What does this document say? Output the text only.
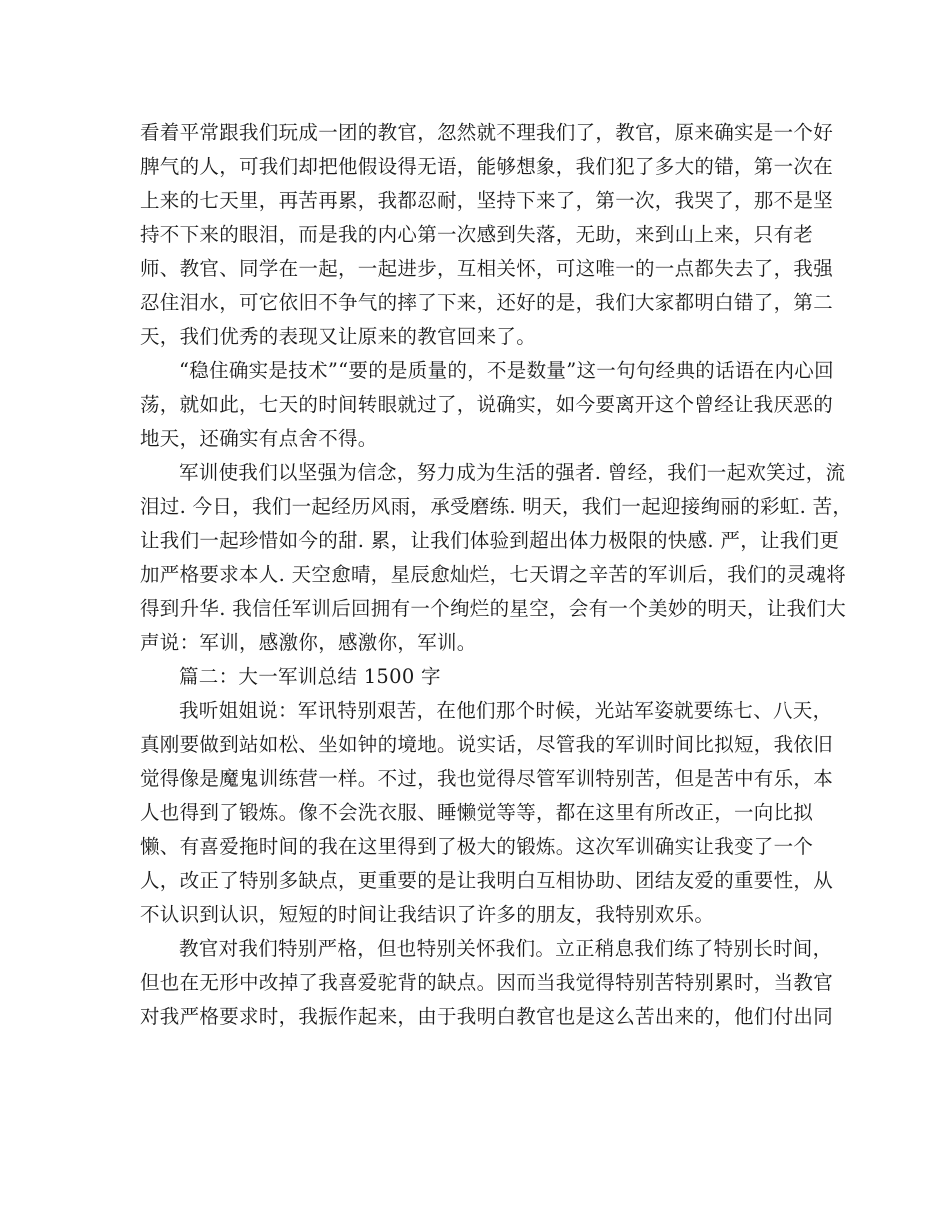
看着平常跟我们玩成一团的教官，忽然就不理我们了，教官，原来确实是一个好
脾气的人，可我们却把他假设得无语，能够想象，我们犯了多大的错，第一次在
上来的七天里，再苦再累，我都忍耐，坚持下来了，第一次，我哭了，那不是坚
持不下来的眼泪，而是我的内心第一次感到失落，无助，来到山上来，只有老
师、教官、同学在一起，一起进步，互相关怀，可这唯一的一点都失去了，我强
忍住泪水，可它依旧不争气的摔了下来，还好的是，我们大家都明白错了，第二
天，我们优秀的表现又让原来的教官回来了。
“稳住确实是技术”“要的是质量的，不是数量”这一句句经典的话语在内心回
荡，就如此，七天的时间转眼就过了，说确实，如今要离开这个曾经让我厌恶的
地天，还确实有点舍不得。
军训使我们以坚强为信念，努力成为生活的强者. 曾经，我们一起欢笑过，流
泪过. 今日，我们一起经历风雨，承受磨练. 明天，我们一起迎接绚丽的彩虹. 苦，
让我们一起珍惜如今的甜. 累，让我们体验到超出体力极限的快感. 严，让我们更
加严格要求本人. 天空愈晴，星辰愈灿烂，七天谓之辛苦的军训后，我们的灵魂将
得到升华. 我信任军训后回拥有一个绚烂的星空，会有一个美妙的明天，让我们大
声说：军训，感激你，感激你，军训。
篇二：大一军训总结 1500 字
我听姐姐说：军讯特别艰苦，在他们那个时候，光站军姿就要练七、八天，
真刚要做到站如松、坐如钟的境地。说实话，尽管我的军训时间比拟短，我依旧
觉得像是魔鬼训练营一样。不过，我也觉得尽管军训特别苦，但是苦中有乐，本
人也得到了锻炼。像不会洗衣服、睡懒觉等等，都在这里有所改正，一向比拟
懒、有喜爱拖时间的我在这里得到了极大的锻炼。这次军训确实让我变了一个
人，改正了特别多缺点，更重要的是让我明白互相协助、团结友爱的重要性，从
不认识到认识，短短的时间让我结识了许多的朋友，我特别欢乐。
教官对我们特别严格，但也特别关怀我们。立正稍息我们练了特别长时间，
但也在无形中改掉了我喜爱驼背的缺点。因而当我觉得特别苦特别累时，当教官
对我严格要求时，我振作起来，由于我明白教官也是这么苦出来的，他们付出同
